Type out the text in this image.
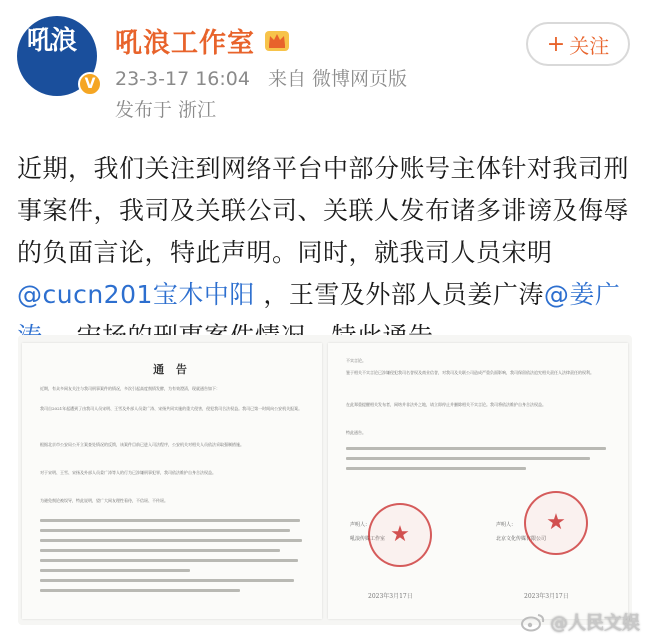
吼浪
V
吼浪工作室
23-3-17 16:04 来自 微博网页版
发布于 浙江
+ 关注
近期，我们关注到网络平台中部分账号主体针对我司刑事案件，我司及关联公司、关联人发布诸多诽谤及侮辱的负面言论，特此声明。同时，就我司人员宋明@cucn201宝木中阳 ，王雪及外部人员姜广涛@姜广
通 告
近期，有众多网友关注与我司刑事案件的情况，多次引起高度舆情发酵，为有效澄清，现就通告如下：
我司自2021年起遭到了由我司人员宋明、王雪及外部人员姜广涛、宋扬共同实施的重大侵害，侵犯我司合法权益。我司已第一时间向公安机关报案。
根据北京市公安局公开立案查处情况的反馈，该案件目前已进入司法程序，公安机关对相关人员依法采取强制措施。
对于宋明、王雪、宋扬及外部人员姜广涛等人的行为已涉嫌刑事犯罪，我司依法维护自身合法权益。
为避免舆论被误导，特此说明，望广大网友理性看待，不信谣、不传谣。
不实言论。
鉴于相关不实言论已涉嫌侵犯我司名誉权及商业信誉，对我司及关联公司造成严重负面影响，我司保留依法追究相关责任人法律责任的权利。
在此郑重提醒相关发布者，网络并非法外之地，请立即停止并删除相关不实言论。我司将依法维护自身合法权益。
特此通告。
声明人：
吼浪传媒工作室 ★
2023年3月17日
声明人：
北京文化传媒有限公司
★
2023年3月17日
@人民文娱
